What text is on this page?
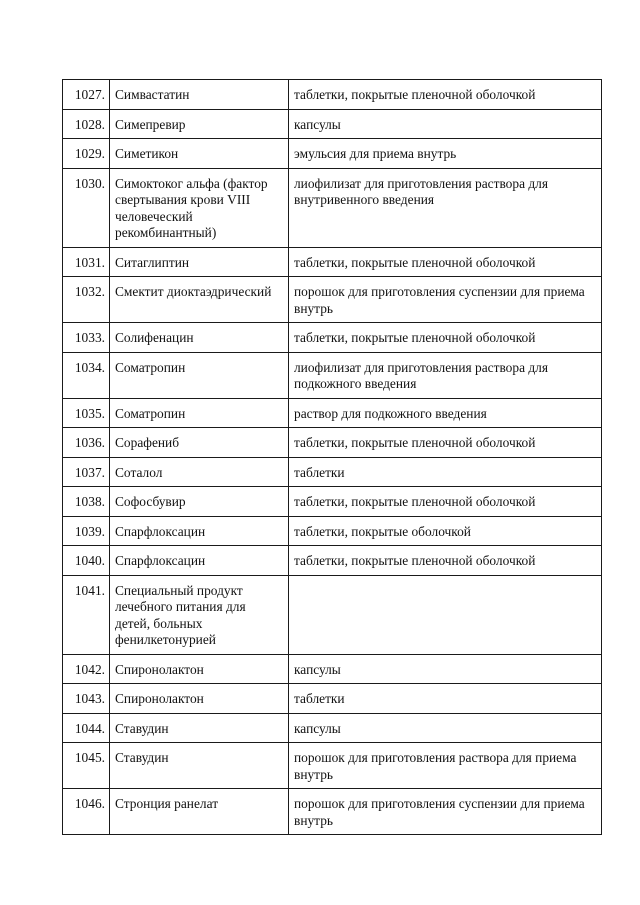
1027.	Симвастатин	таблетки, покрытые пленочной оболочкой
1028.	Симепревир	капсулы
1029.	Симетикон	эмульсия для приема внутрь
1030.	Симоктоког альфа (фактор свертывания крови VIII человеческий рекомбинантный)	лиофилизат для приготовления раствора для внутривенного введения
1031.	Ситаглиптин	таблетки, покрытые пленочной оболочкой
1032.	Смектит диоктаэдрический	порошок для приготовления суспензии для приема внутрь
1033.	Солифенацин	таблетки, покрытые пленочной оболочкой
1034.	Соматропин	лиофилизат для приготовления раствора для подкожного введения
1035.	Соматропин	раствор для подкожного введения
1036.	Сорафениб	таблетки, покрытые пленочной оболочкой
1037.	Соталол	таблетки
1038.	Софосбувир	таблетки, покрытые пленочной оболочкой
1039.	Спарфлоксацин	таблетки, покрытые оболочкой
1040.	Спарфлоксацин	таблетки, покрытые пленочной оболочкой
1041.	Специальный продукт лечебного питания для детей, больных фенилкетонурией	
1042.	Спиронолактон	капсулы
1043.	Спиронолактон	таблетки
1044.	Ставудин	капсулы
1045.	Ставудин	порошок для приготовления раствора для приема внутрь
1046.	Стронция ранелат	порошок для приготовления суспензии для приема внутрь
